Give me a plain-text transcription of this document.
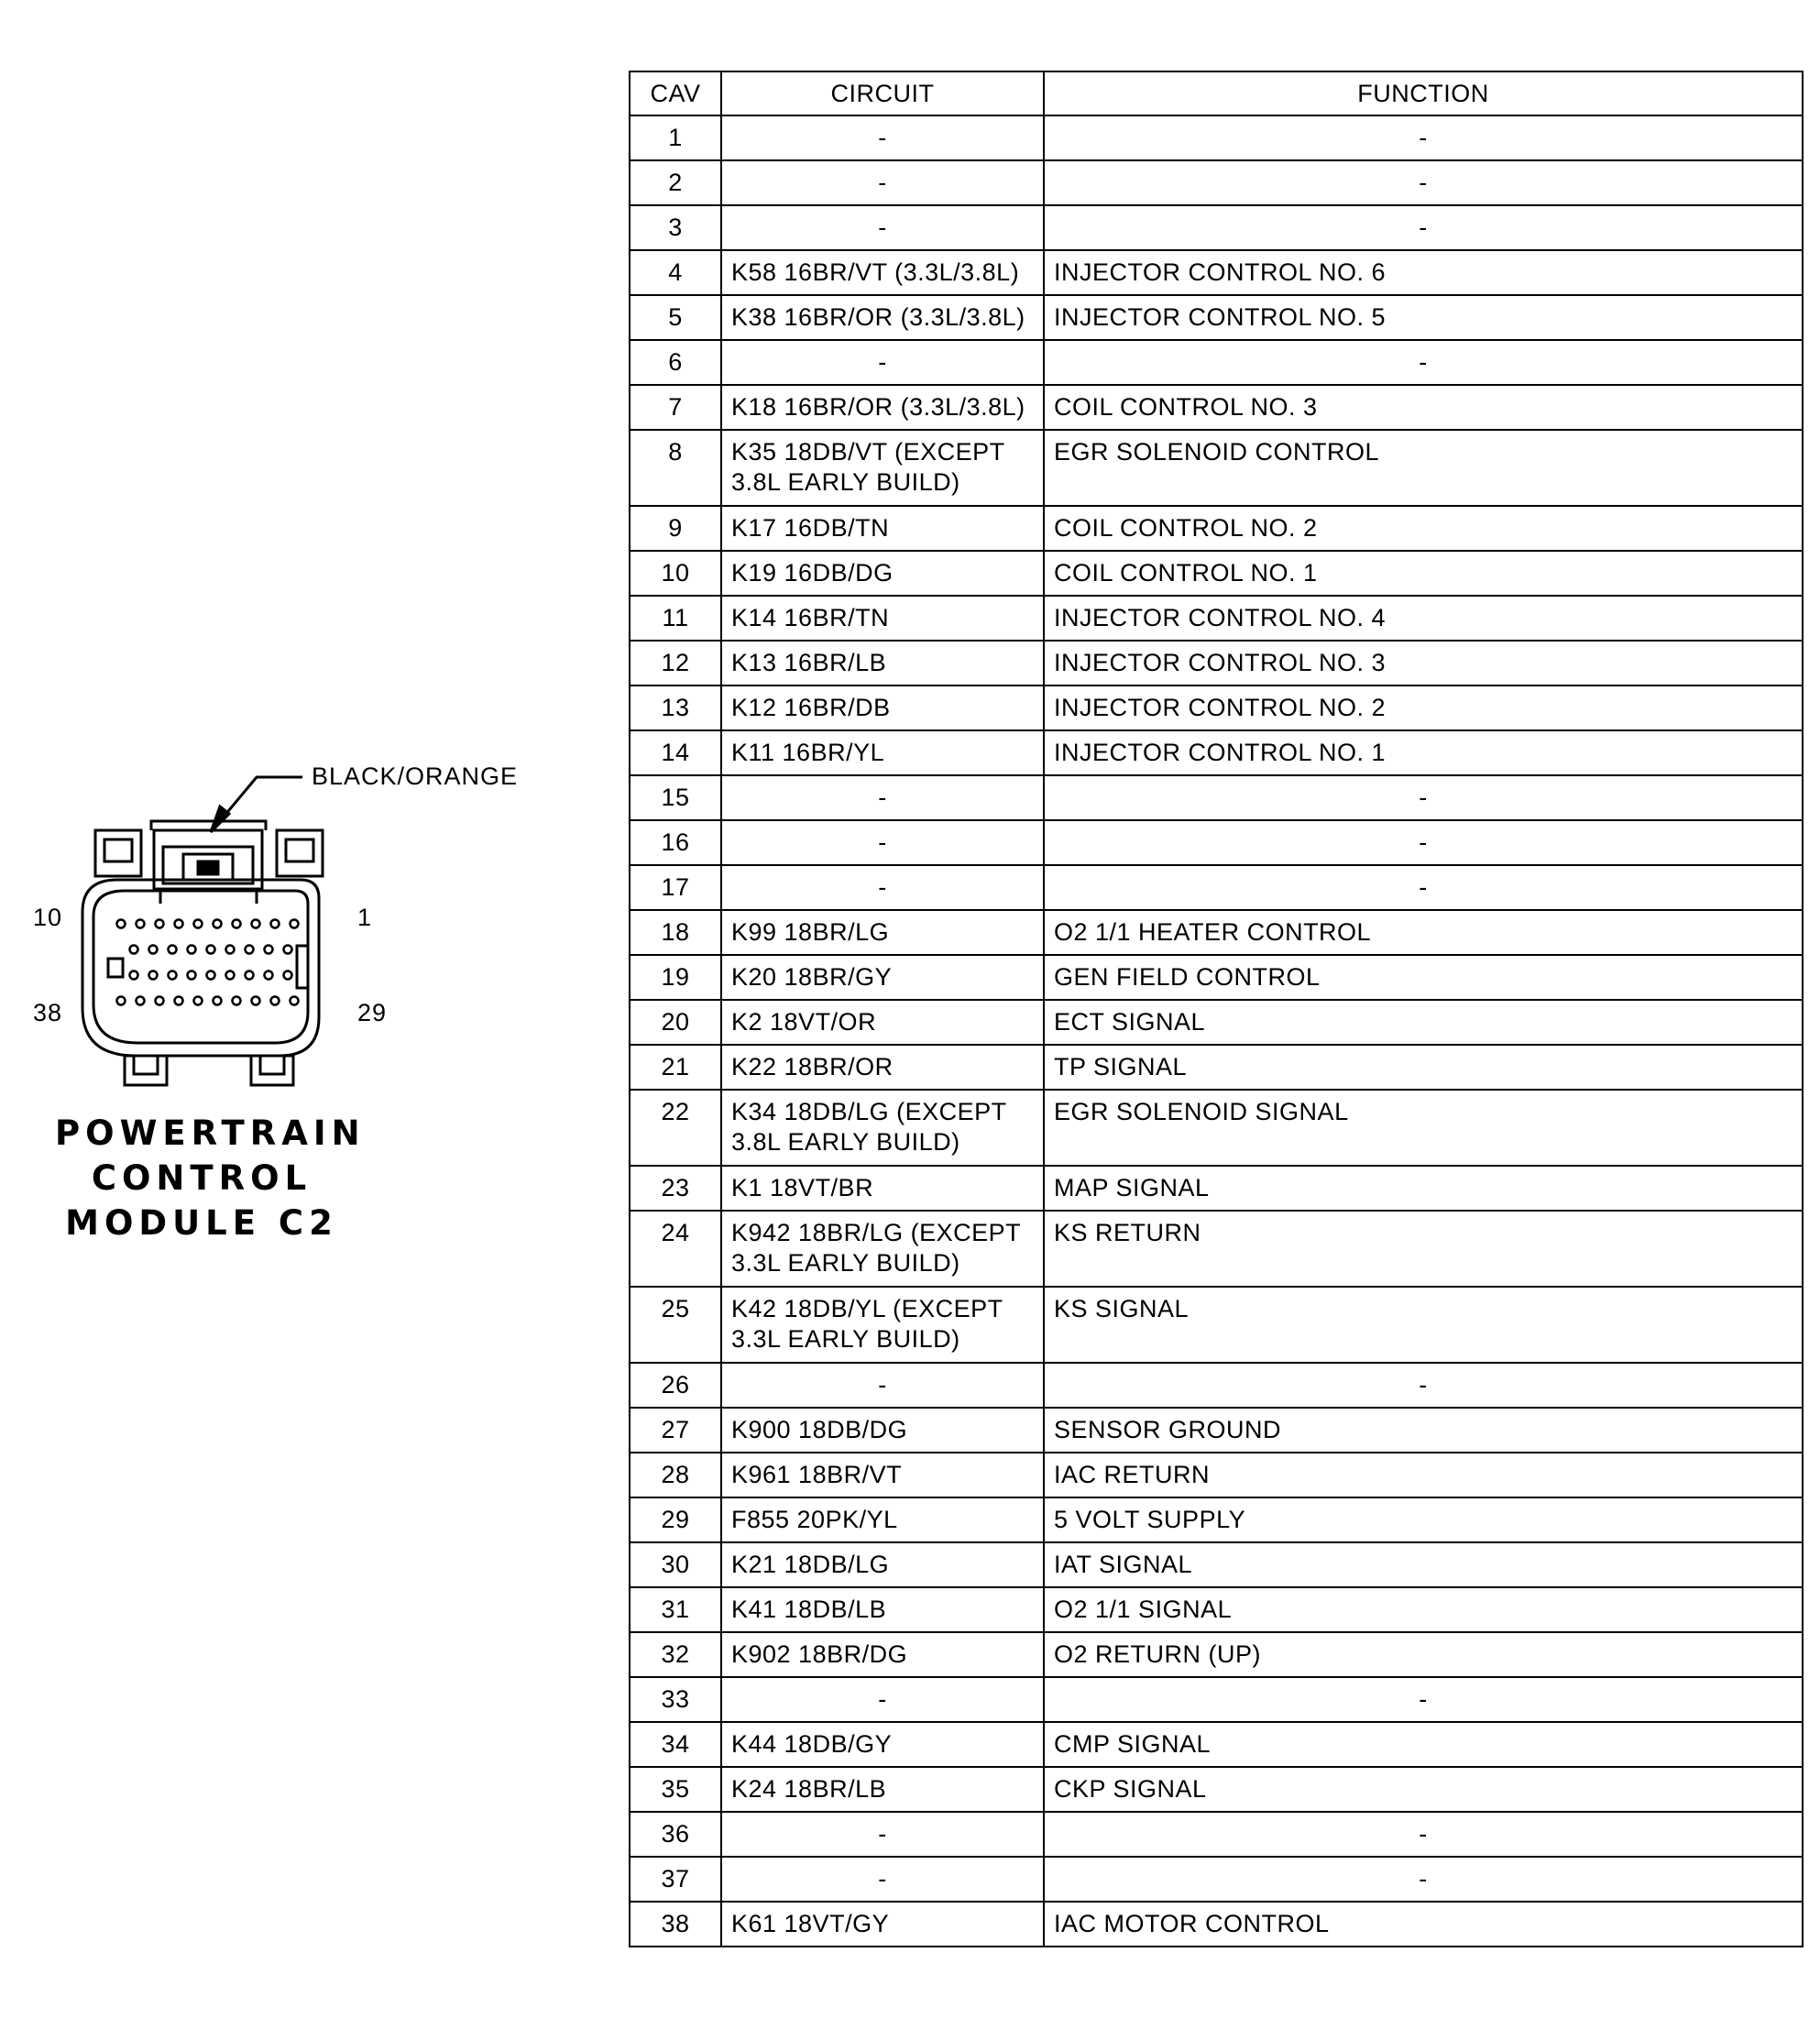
BLACK/ORANGE
10	1
38	29
POWERTRAIN
CONTROL
MODULE C2
CAV	CIRCUIT	FUNCTION
1	-	-
2	-	-
3	-	-
4	K58 16BR/VT (3.3L/3.8L)	INJECTOR CONTROL NO. 6
5	K38 16BR/OR (3.3L/3.8L)	INJECTOR CONTROL NO. 5
6	-	-
7	K18 16BR/OR (3.3L/3.8L)	COIL CONTROL NO. 3
8	K35 18DB/VT (EXCEPT
3.8L EARLY BUILD)	EGR SOLENOID CONTROL
9	K17 16DB/TN	COIL CONTROL NO. 2
10	K19 16DB/DG	COIL CONTROL NO. 1
11	K14 16BR/TN	INJECTOR CONTROL NO. 4
12	K13 16BR/LB	INJECTOR CONTROL NO. 3
13	K12 16BR/DB	INJECTOR CONTROL NO. 2
14	K11 16BR/YL	INJECTOR CONTROL NO. 1
15	-	-
16	-	-
17	-	-
18	K99 18BR/LG	O2 1/1 HEATER CONTROL
19	K20 18BR/GY	GEN FIELD CONTROL
20	K2 18VT/OR	ECT SIGNAL
21	K22 18BR/OR	TP SIGNAL
22	K34 18DB/LG (EXCEPT
3.8L EARLY BUILD)	EGR SOLENOID SIGNAL
23	K1 18VT/BR	MAP SIGNAL
24	K942 18BR/LG (EXCEPT
3.3L EARLY BUILD)	KS RETURN
25	K42 18DB/YL (EXCEPT
3.3L EARLY BUILD)	KS SIGNAL
26	-	-
27	K900 18DB/DG	SENSOR GROUND
28	K961 18BR/VT	IAC RETURN
29	F855 20PK/YL	5 VOLT SUPPLY
30	K21 18DB/LG	IAT SIGNAL
31	K41 18DB/LB	O2 1/1 SIGNAL
32	K902 18BR/DG	O2 RETURN (UP)
33	-	-
34	K44 18DB/GY	CMP SIGNAL
35	K24 18BR/LB	CKP SIGNAL
36	-	-
37	-	-
38	K61 18VT/GY	IAC MOTOR CONTROL
